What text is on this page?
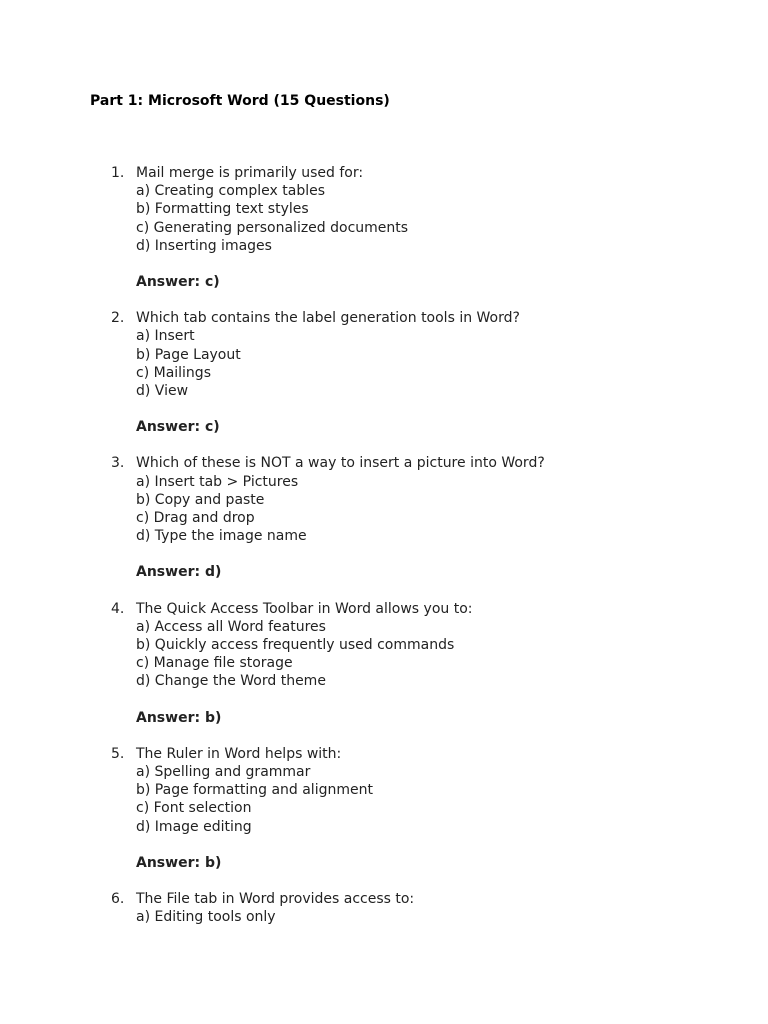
Part 1: Microsoft Word (15 Questions)
1. Mail merge is primarily used for:
a) Creating complex tables
b) Formatting text styles
c) Generating personalized documents
d) Inserting images
Answer: c)
2. Which tab contains the label generation tools in Word?
a) Insert
b) Page Layout
c) Mailings
d) View
Answer: c)
3. Which of these is NOT a way to insert a picture into Word?
a) Insert tab > Pictures
b) Copy and paste
c) Drag and drop
d) Type the image name
Answer: d)
4. The Quick Access Toolbar in Word allows you to:
a) Access all Word features
b) Quickly access frequently used commands
c) Manage file storage
d) Change the Word theme
Answer: b)
5. The Ruler in Word helps with:
a) Spelling and grammar
b) Page formatting and alignment
c) Font selection
d) Image editing
Answer: b)
6. The File tab in Word provides access to:
a) Editing tools only
